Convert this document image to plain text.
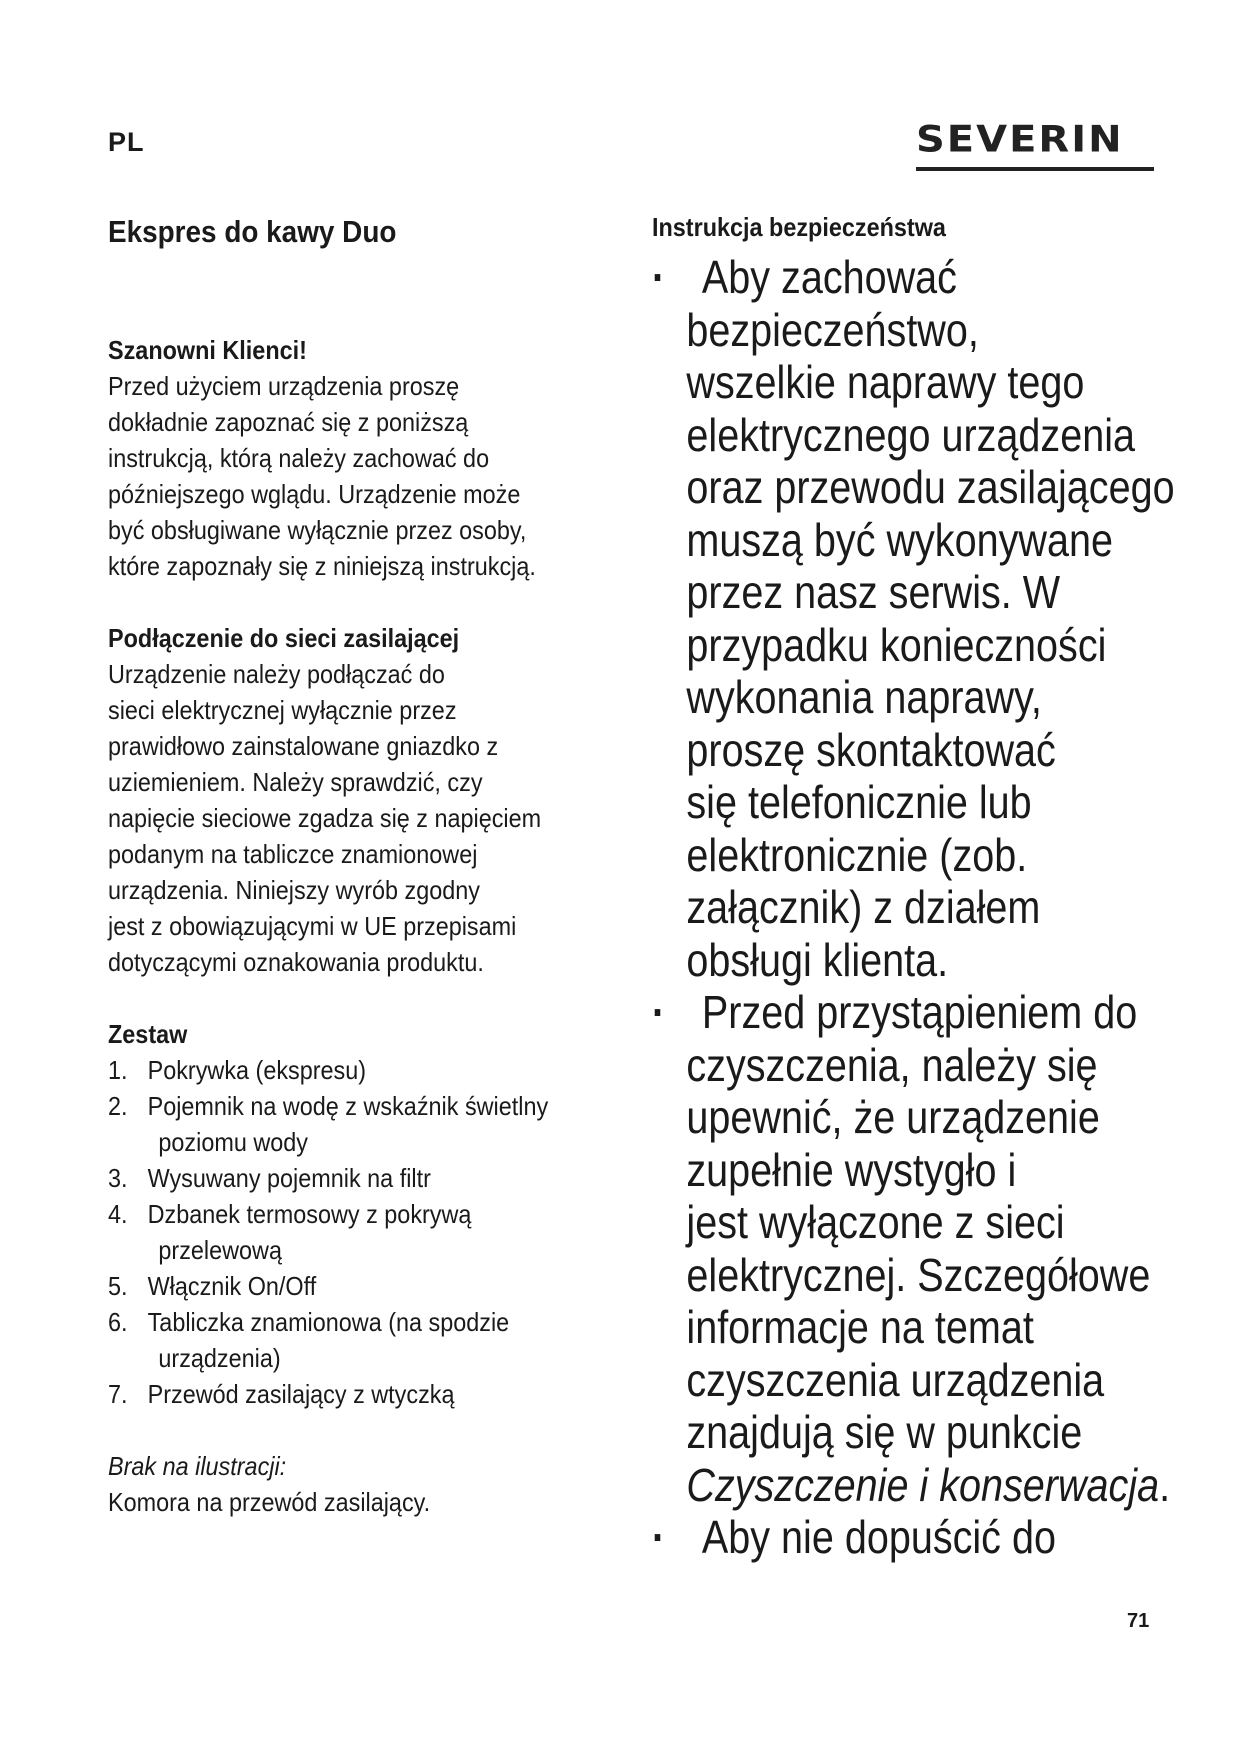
PL	SEVERIN
Ekspres do kawy Duo

Szanowni Klienci!

Przed użyciem urządzenia proszę
dokładnie zapoznać się z poniższą
instrukcją, którą należy zachować do
późniejszego wglądu. Urządzenie może
być obsługiwane wyłącznie przez osoby,
które zapoznały się z niniejszą instrukcją.

Podłączenie do sieci zasilającej

Urządzenie należy podłączać do
sieci elektrycznej wyłącznie przez
prawidłowo zainstalowane gniazdko z
uziemieniem. Należy sprawdzić, czy
napięcie sieciowe zgadza się z napięciem
podanym na tabliczce znamionowej
urządzenia. Niniejszy wyrób zgodny
jest z obowiązującymi w UE przepisami
dotyczącymi oznakowania produktu.

Zestaw

1. Pokrywka (ekspresu)
2. Pojemnik na wodę z wskaźnik świetlny
poziomu wody
3. Wysuwany pojemnik na filtr
4. Dzbanek termosowy z pokrywą
przelewową
5. Włącznik On/Off
6. Tabliczka znamionowa (na spodzie
urządzenia)
7. Przewód zasilający z wtyczką

Brak na ilustracji:

Komora na przewód zasilający.

Instrukcja bezpieczeństwa

· Aby zachować
bezpieczeństwo,
wszelkie naprawy tego
elektrycznego urządzenia
oraz przewodu zasilającego
muszą być wykonywane
przez nasz serwis. W
przypadku konieczności
wykonania naprawy,
proszę skontaktować
się telefonicznie lub
elektronicznie (zob.
załącznik) z działem
obsługi klienta.
· Przed przystąpieniem do
czyszczenia, należy się
upewnić, że urządzenie
zupełnie wystygło i
jest wyłączone z sieci
elektrycznej. Szczegółowe
informacje na temat
czyszczenia urządzenia
znajdują się w punkcie
Czyszczenie i konserwacja.
· Aby nie dopuścić do
71
